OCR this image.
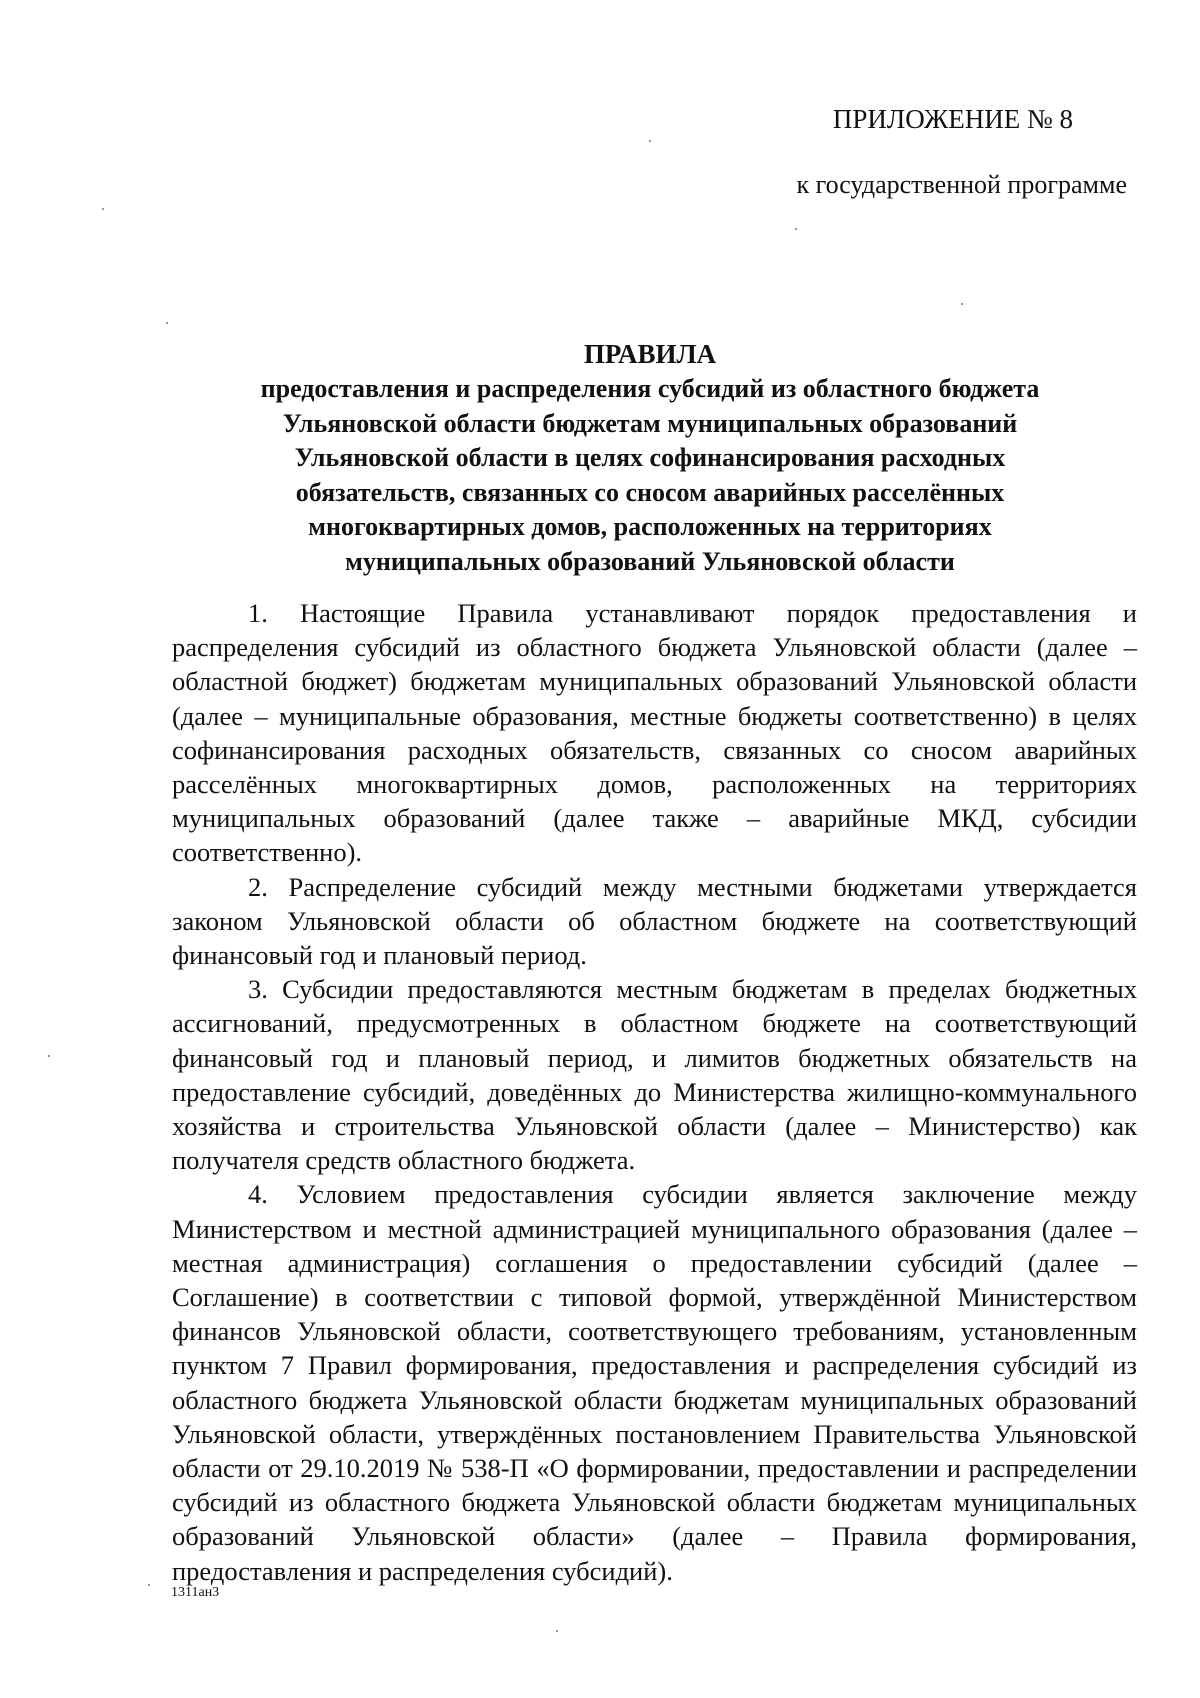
ПРИЛОЖЕНИЕ № 8
к государственной программе
ПРАВИЛА
предоставления и распределения субсидий из областного бюджета
Ульяновской области бюджетам муниципальных образований
Ульяновской области в целях софинансирования расходных
обязательств, связанных со сносом аварийных расселённых
многоквартирных домов, расположенных на территориях
муниципальных образований Ульяновской области

1. Настоящие Правила устанавливают порядок предоставления и распределения субсидий из областного бюджета Ульяновской области (далее – областной бюджет) бюджетам муниципальных образований Ульяновской области (далее – муниципальные образования, местные бюджеты соответственно) в целях софинансирования расходных обязательств, связанных со сносом аварийных расселённых многоквартирных домов, расположенных на территориях муниципальных образований (далее также – аварийные МКД, субсидии соответственно).

2. Распределение субсидий между местными бюджетами утверждается законом Ульяновской области об областном бюджете на соответствующий финансовый год и плановый период.

3. Субсидии предоставляются местным бюджетам в пределах бюджетных ассигнований, предусмотренных в областном бюджете на соответствующий финансовый год и плановый период, и лимитов бюджетных обязательств на предоставление субсидий, доведённых до Министерства жилищно-коммунального хозяйства и строительства Ульяновской области (далее – Министерство) как получателя средств областного бюджета.

4. Условием предоставления субсидии является заключение между Министерством и местной администрацией муниципального образования (далее – местная администрация) соглашения о предоставлении субсидий (далее – Соглашение) в соответствии с типовой формой, утверждённой Министерством финансов Ульяновской области, соответствующего требованиям, установленным пунктом 7 Правил формирования, предоставления и распределения субсидий из областного бюджета Ульяновской области бюджетам муниципальных образований Ульяновской области, утверждённых постановлением Правительства Ульяновской области от 29.10.2019 № 538-П «О формировании, предоставлении и распределении субсидий из областного бюджета Ульяновской области бюджетам муниципальных образований Ульяновской области» (далее – Правила формирования, предоставления и распределения субсидий).

1311ан3
